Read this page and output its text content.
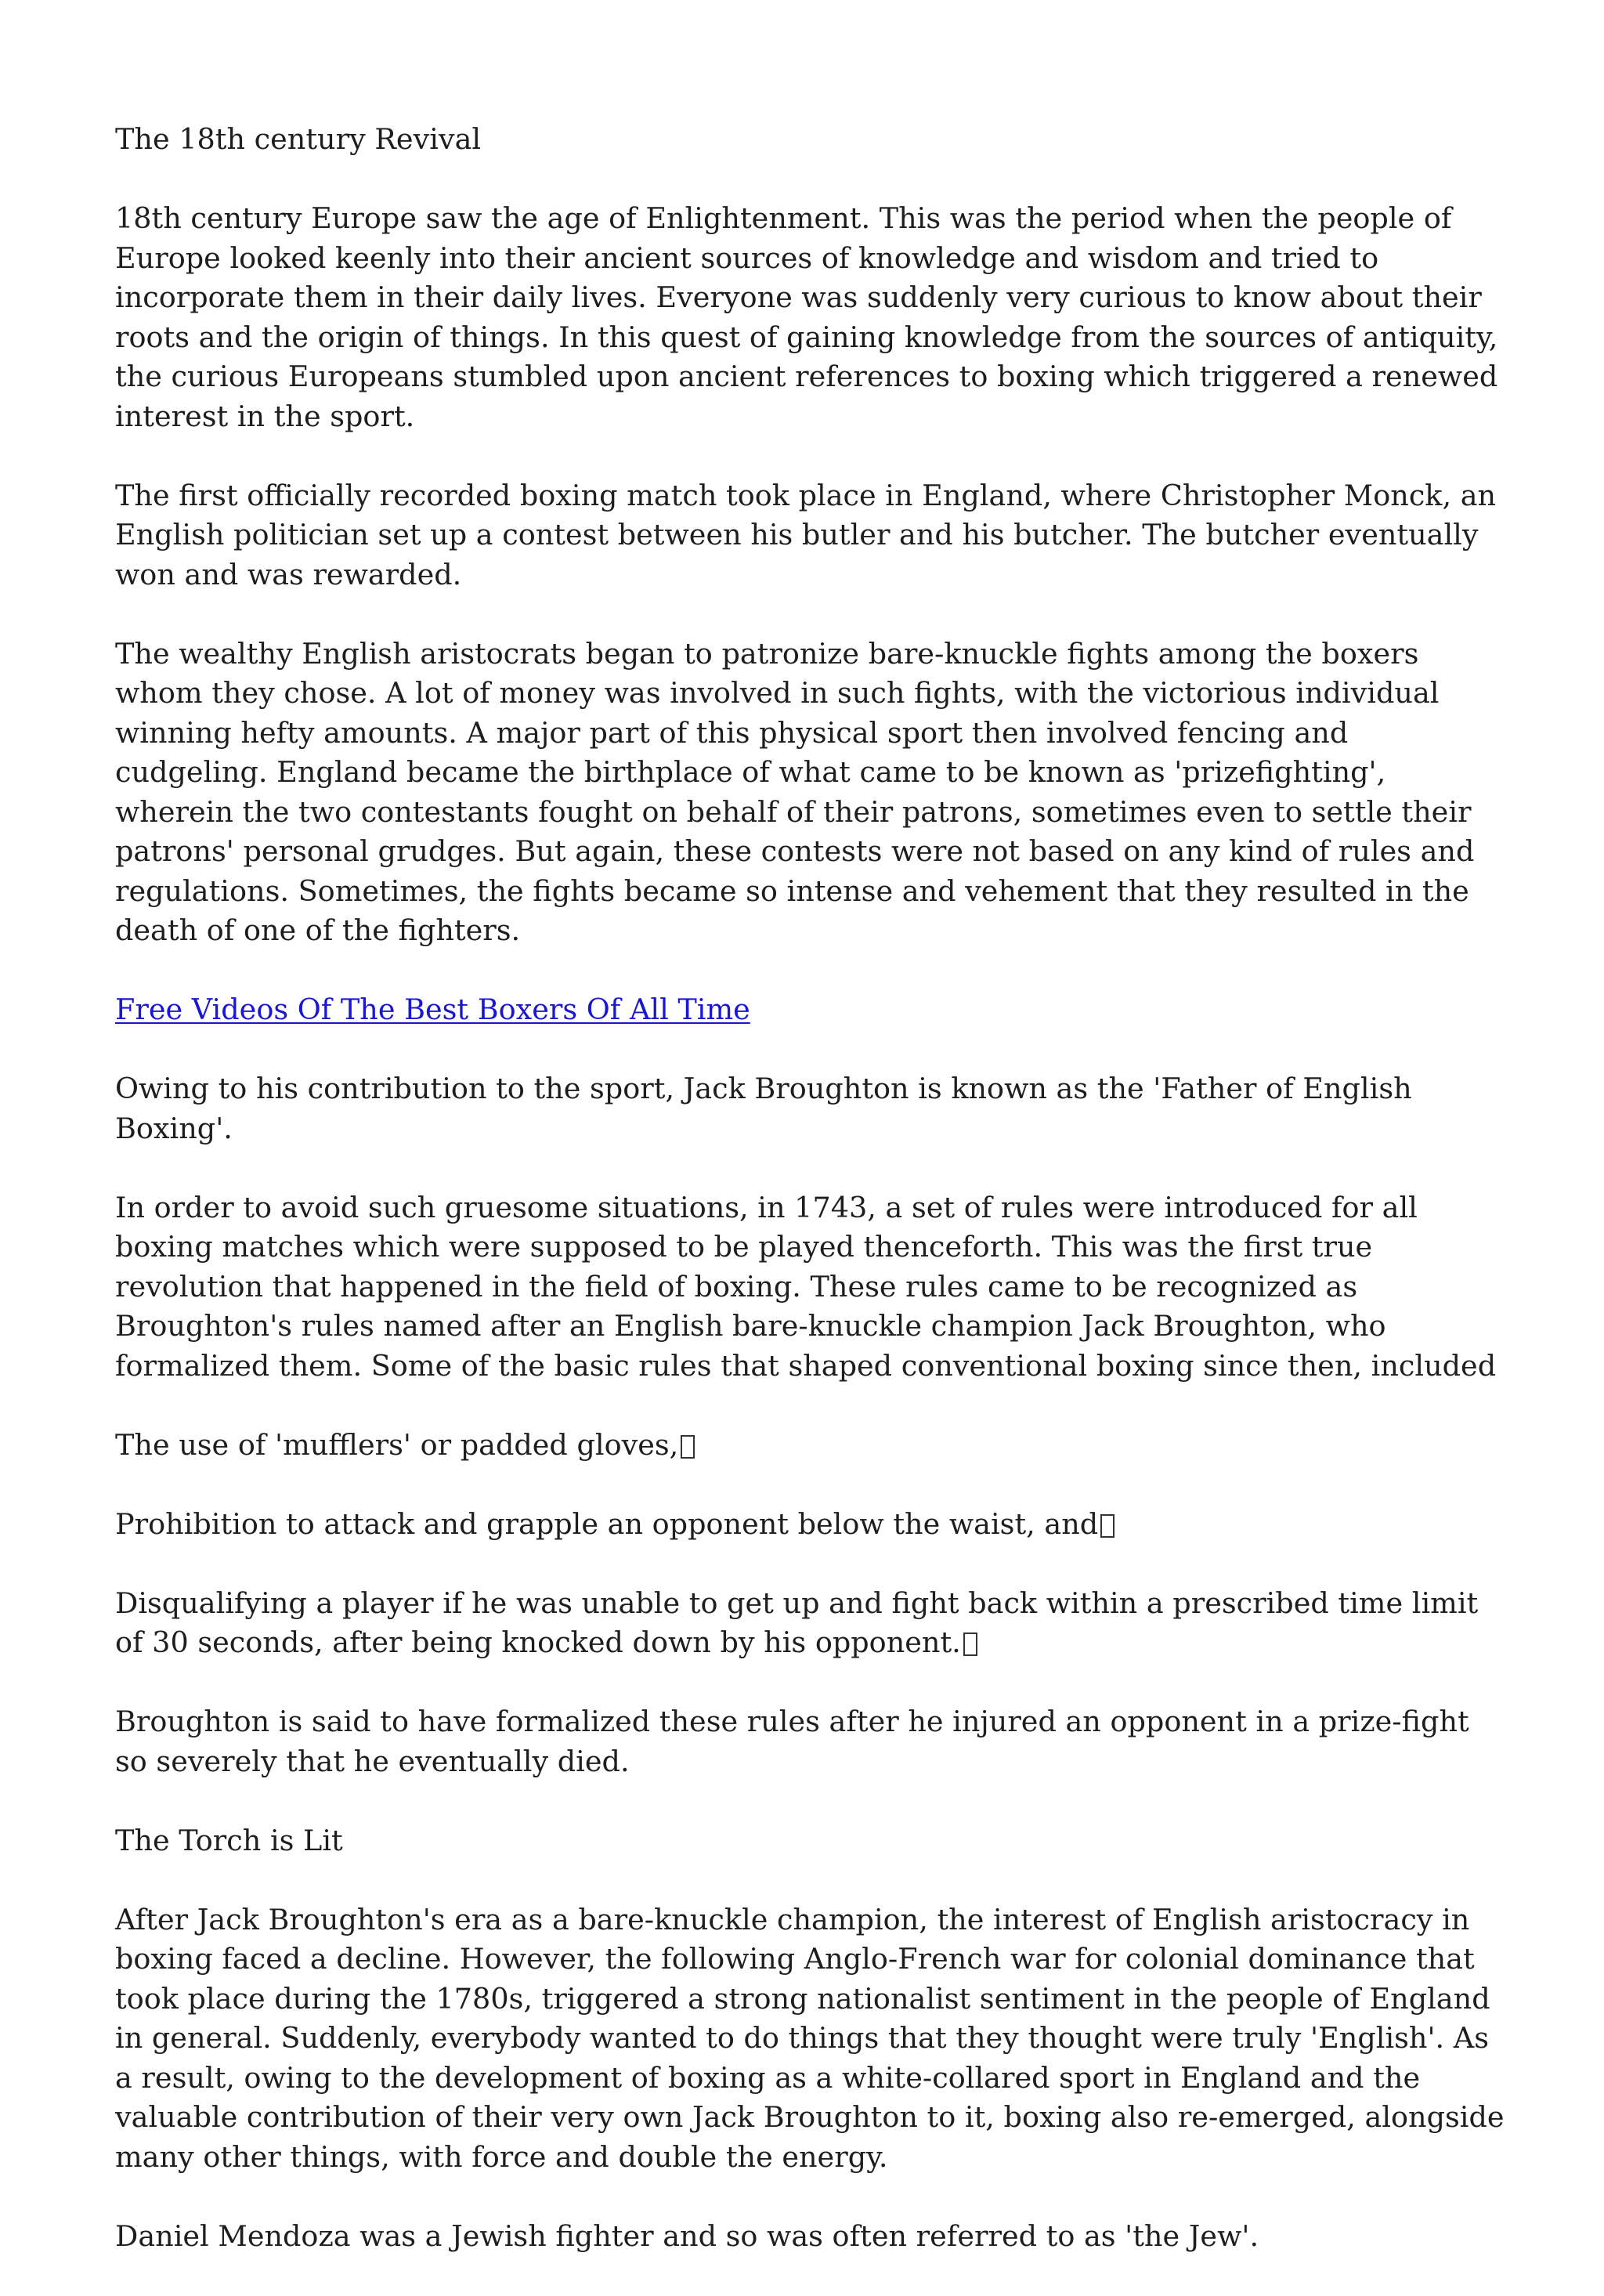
The 18th century Revival

18th century Europe saw the age of Enlightenment. This was the period when the people of Europe looked keenly into their ancient sources of knowledge and wisdom and tried to incorporate them in their daily lives. Everyone was suddenly very curious to know about their roots and the origin of things. In this quest of gaining knowledge from the sources of antiquity, the curious Europeans stumbled upon ancient references to boxing which triggered a renewed interest in the sport.

The first officially recorded boxing match took place in England, where Christopher Monck, an English politician set up a contest between his butler and his butcher. The butcher eventually won and was rewarded.

The wealthy English aristocrats began to patronize bare-knuckle fights among the boxers whom they chose. A lot of money was involved in such fights, with the victorious individual winning hefty amounts. A major part of this physical sport then involved fencing and cudgeling. England became the birthplace of what came to be known as 'prizefighting', wherein the two contestants fought on behalf of their patrons, sometimes even to settle their patrons' personal grudges. But again, these contests were not based on any kind of rules and regulations. Sometimes, the fights became so intense and vehement that they resulted in the death of one of the fighters.

Free Videos Of The Best Boxers Of All Time

Owing to his contribution to the sport, Jack Broughton is known as the 'Father of English Boxing'.

In order to avoid such gruesome situations, in 1743, a set of rules were introduced for all boxing matches which were supposed to be played thenceforth. This was the first true revolution that happened in the field of boxing. These rules came to be recognized as Broughton's rules named after an English bare-knuckle champion Jack Broughton, who formalized them. Some of the basic rules that shaped conventional boxing since then, included

The use of 'mufflers' or padded gloves,

Prohibition to attack and grapple an opponent below the waist, and

Disqualifying a player if he was unable to get up and fight back within a prescribed time limit of 30 seconds, after being knocked down by his opponent.

Broughton is said to have formalized these rules after he injured an opponent in a prize-fight so severely that he eventually died.

The Torch is Lit

After Jack Broughton's era as a bare-knuckle champion, the interest of English aristocracy in boxing faced a decline. However, the following Anglo-French war for colonial dominance that took place during the 1780s, triggered a strong nationalist sentiment in the people of England in general. Suddenly, everybody wanted to do things that they thought were truly 'English'. As a result, owing to the development of boxing as a white-collared sport in England and the valuable contribution of their very own Jack Broughton to it, boxing also re-emerged, alongside many other things, with force and double the energy.

Daniel Mendoza was a Jewish fighter and so was often referred to as 'the Jew'.
